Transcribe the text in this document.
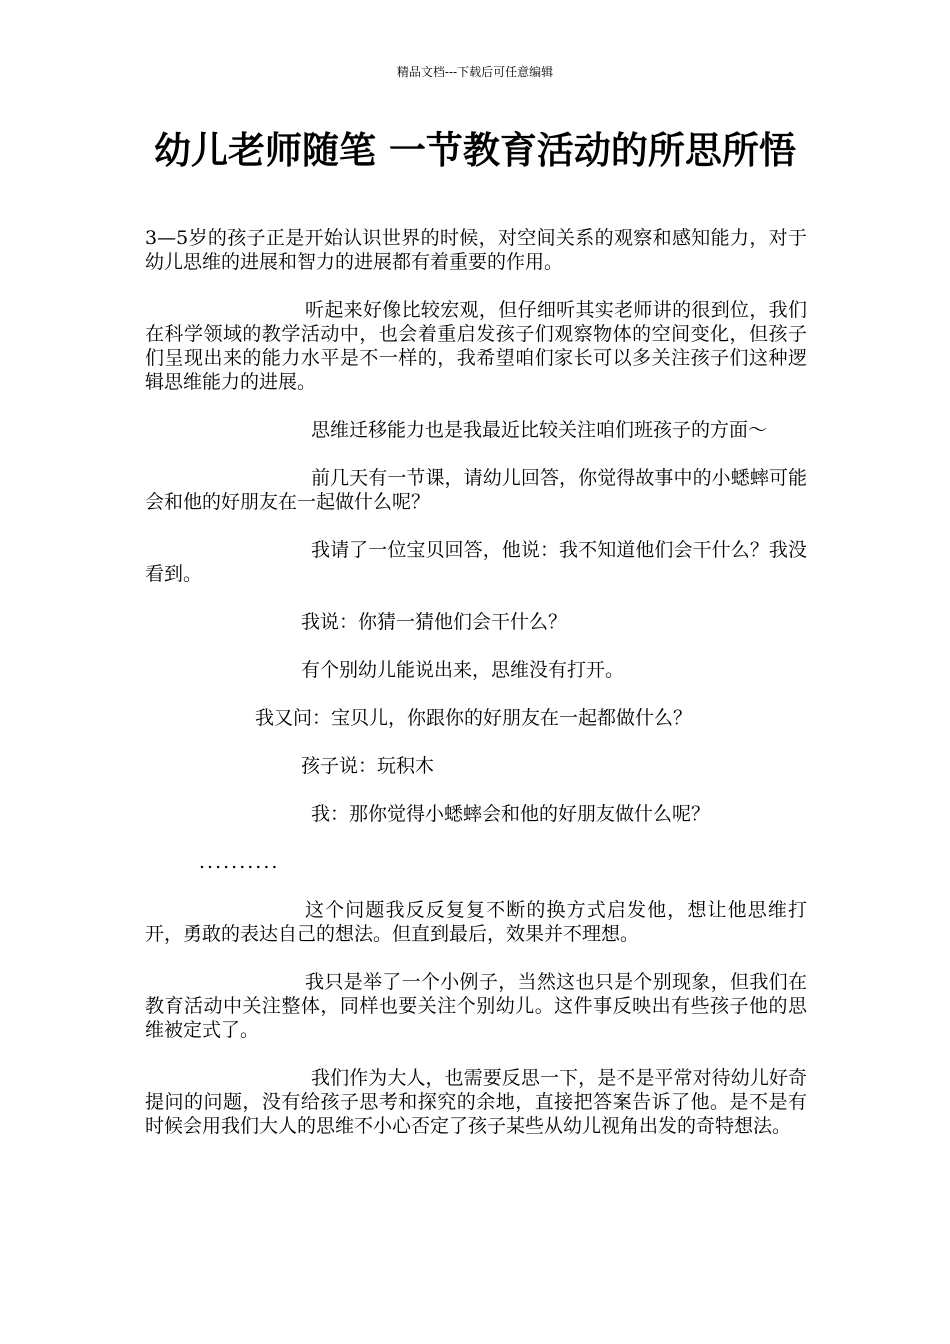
精品文档---下载后可任意编辑
幼儿老师随笔 一节教育活动的所思所悟

3—5岁的孩子正是开始认识世界的时候，对空间关系的观察和感知能力，对于幼儿思维的进展和智力的进展都有着重要的作用。

听起来好像比较宏观，但仔细听其实老师讲的很到位，我们在科学领域的教学活动中，也会着重启发孩子们观察物体的空间变化，但孩子们呈现出来的能力水平是不一样的，我希望咱们家长可以多关注孩子们这种逻辑思维能力的进展。

思维迁移能力也是我最近比较关注咱们班孩子的方面～

前几天有一节课，请幼儿回答，你觉得故事中的小蟋蟀可能会和他的好朋友在一起做什么呢？

我请了一位宝贝回答，他说：我不知道他们会干什么？我没看到。

我说：你猜一猜他们会干什么？

有个别幼儿能说出来，思维没有打开。

我又问：宝贝儿，你跟你的好朋友在一起都做什么？

孩子说：玩积木

我：那你觉得小蟋蟀会和他的好朋友做什么呢？

..........

这个问题我反反复复不断的换方式启发他，想让他思维打开，勇敢的表达自己的想法。但直到最后，效果并不理想。

我只是举了一个小例子，当然这也只是个别现象，但我们在教育活动中关注整体，同样也要关注个别幼儿。这件事反映出有些孩子他的思维被定式了。

我们作为大人，也需要反思一下，是不是平常对待幼儿好奇提问的问题，没有给孩子思考和探究的余地，直接把答案告诉了他。是不是有时候会用我们大人的思维不小心否定了孩子某些从幼儿视角出发的奇特想法。
